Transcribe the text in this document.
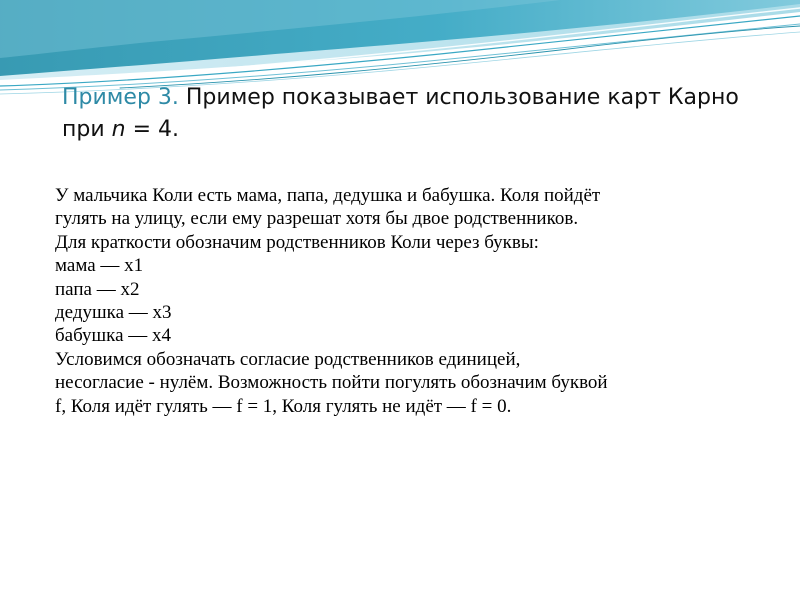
Пример 3. Пример показывает использование карт Карно при n = 4.
У мальчика Коли есть мама, папа, дедушка и бабушка. Коля пойдёт
гулять на улицу, если ему разрешат хотя бы двое родственников.
Для краткости обозначим родственников Коли через буквы:
мама — x1
папа — x2
дедушка — x3
бабушка — x4
Условимся обозначать согласие родственников единицей,
несогласие - нулём. Возможность пойти погулять обозначим буквой
f, Коля идёт гулять — f = 1, Коля гулять не идёт — f = 0.
